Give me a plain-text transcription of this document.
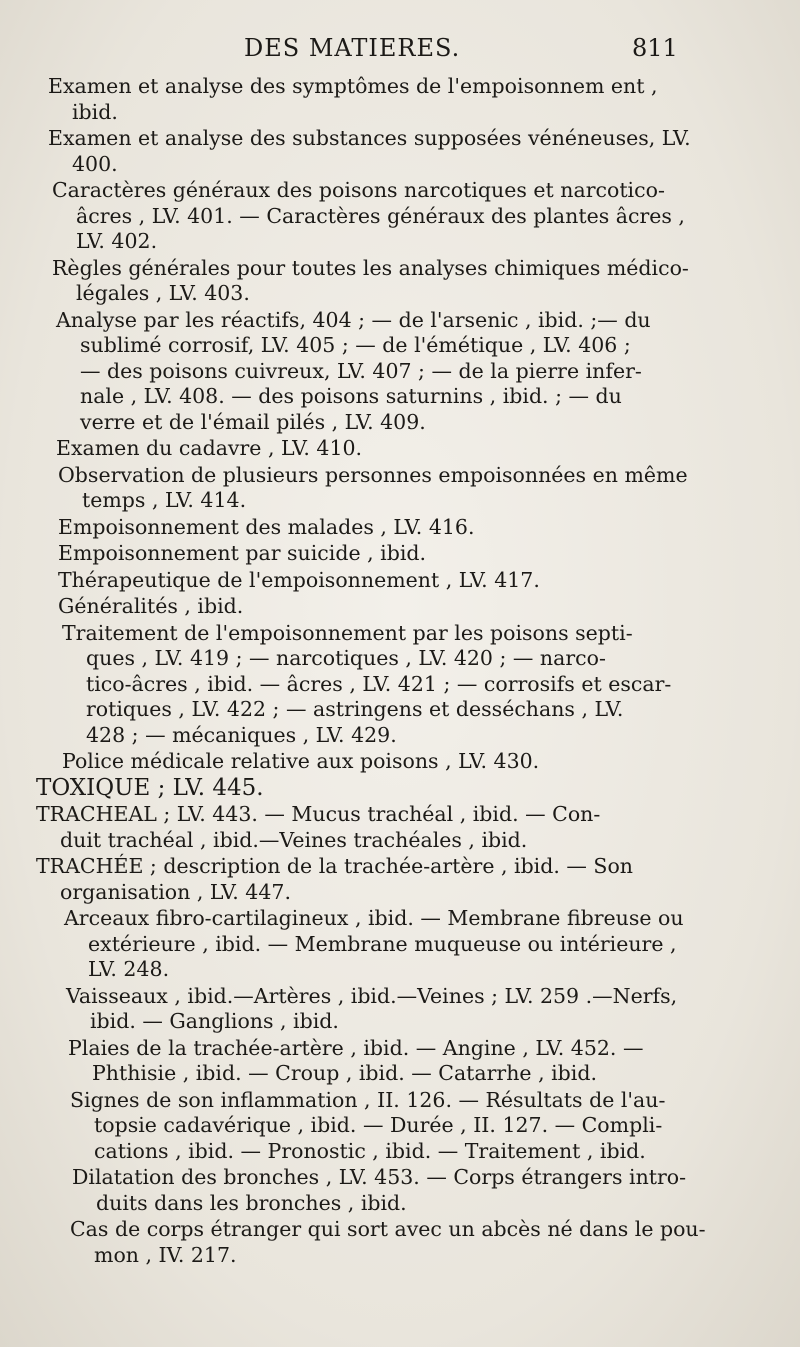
DES MATIERES.	811
Examen et analyse des symptômes de l'empoisonnem ent ,
ibid.
Examen et analyse des substances supposées vénéneuses, LV.
400.
Caractères généraux des poisons narcotiques et narcotico-
âcres , LV. 401. — Caractères généraux des plantes âcres ,
LV. 402.
Règles générales pour toutes les analyses chimiques médico-
légales , LV. 403.
Analyse par les réactifs, 404 ; — de l'arsenic , ibid. ;— du
sublimé corrosif, LV. 405 ; — de l'émétique , LV. 406 ;
— des poisons cuivreux, LV. 407 ; — de la pierre infer-
nale , LV. 408. — des poisons saturnins , ibid. ; — du
verre et de l'émail pilés , LV. 409.
Examen du cadavre , LV. 410.
Observation de plusieurs personnes empoisonnées en même
temps , LV. 414.
Empoisonnement des malades , LV. 416.
Empoisonnement par suicide , ibid.
Thérapeutique de l'empoisonnement , LV. 417.
Généralités , ibid.
Traitement de l'empoisonnement par les poisons septi-
ques , LV. 419 ; — narcotiques , LV. 420 ; — narco-
tico-âcres , ibid. — âcres , LV. 421 ; — corrosifs et escar-
rotiques , LV. 422 ; — astringens et desséchans , LV.
428 ; — mécaniques , LV. 429.
Police médicale relative aux poisons , LV. 430.
TOXIQUE ; LV. 445.
TRACHEAL ; LV. 443. — Mucus trachéal , ibid. — Con-
duit trachéal , ibid.—Veines trachéales , ibid.
TRACHÉE ; description de la trachée-artère , ibid. — Son
organisation , LV. 447.
Arceaux fibro-cartilagineux , ibid. — Membrane fibreuse ou
extérieure , ibid. — Membrane muqueuse ou intérieure ,
LV. 248.
Vaisseaux , ibid.—Artères , ibid.—Veines ; LV. 259 .—Nerfs,
ibid. — Ganglions , ibid.
Plaies de la trachée-artère , ibid. — Angine , LV. 452. —
Phthisie , ibid. — Croup , ibid. — Catarrhe , ibid.
Signes de son inflammation , II. 126. — Résultats de l'au-
topsie cadavérique , ibid. — Durée , II. 127. — Compli-
cations , ibid. — Pronostic , ibid. — Traitement , ibid.
Dilatation des bronches , LV. 453. — Corps étrangers intro-
duits dans les bronches , ibid.
Cas de corps étranger qui sort avec un abcès né dans le pou-
mon , IV. 217.
